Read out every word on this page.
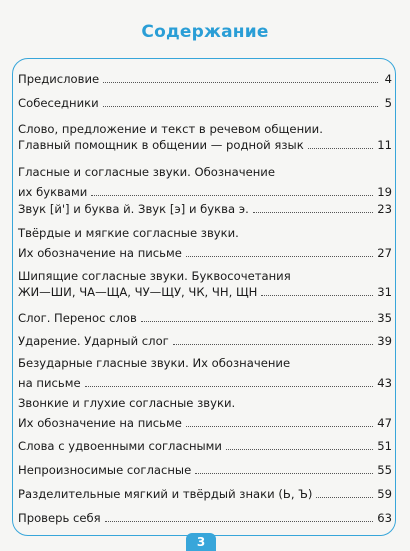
Содержание
Предисловие	4
Собеседники	5
Слово, предложение и текст в речевом общении.
Главный помощник в общении — родной язык	11
Гласные и согласные звуки. Обозначение
их буквами	19
Звук [й'] и буква й. Звук [э] и буква э.	23
Твёрдые и мягкие согласные звуки.
Их обозначение на письме	27
Шипящие согласные звуки. Буквосочетания
ЖИ—ШИ, ЧА—ЩА, ЧУ—ЩУ, ЧК, ЧН, ЩН	31
Слог. Перенос слов	35
Ударение. Ударный слог	39
Безударные гласные звуки. Их обозначение
на письме	43
Звонкие и глухие согласные звуки.
Их обозначение на письме	47
Слова с удвоенными согласными	51
Непроизносимые согласные	55
Разделительные мягкий и твёрдый знаки (Ь, Ъ)	59
Проверь себя	63
3
